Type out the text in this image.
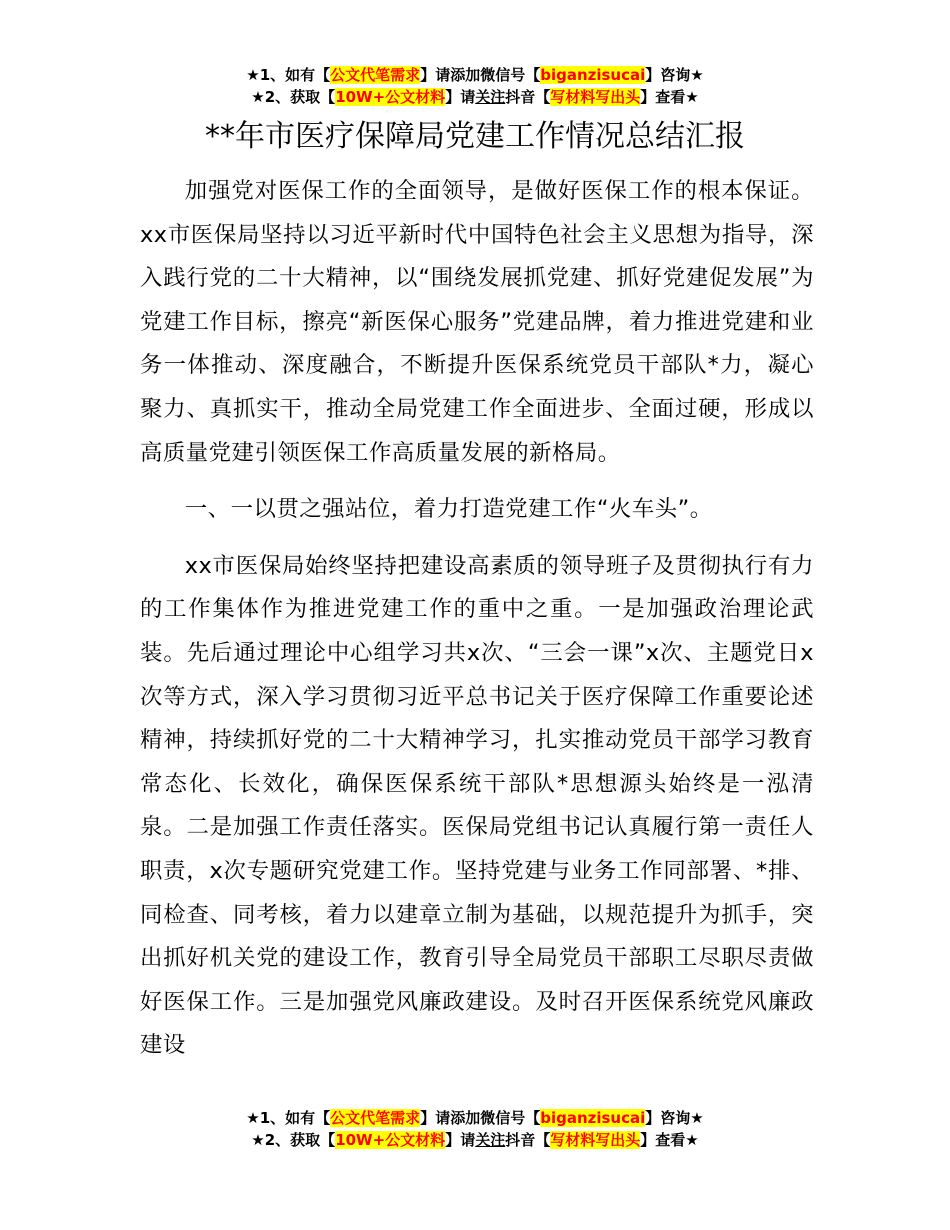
★1、如有【公文代笔需求】请添加微信号【biganzisucai】咨询★
★2、获取【10W+公文材料】请关注抖音【写材料写出头】查看★
**年市医疗保障局党建工作情况总结汇报

加强党对医保工作的全面领导，是做好医保工作的根本保证。xx市医保局坚持以习近平新时代中国特色社会主义思想为指导，深入践行党的二十大精神，以“围绕发展抓党建、抓好党建促发展”为党建工作目标，擦亮“新医保心服务”党建品牌，着力推进党建和业务一体推动、深度融合，不断提升医保系统党员干部队*力，凝心聚力、真抓实干，推动全局党建工作全面进步、全面过硬，形成以高质量党建引领医保工作高质量发展的新格局。

一、一以贯之强站位，着力打造党建工作“火车头”。

xx市医保局始终坚持把建设高素质的领导班子及贯彻执行有力的工作集体作为推进党建工作的重中之重。一是加强政治理论武装。先后通过理论中心组学习共x次、“三会一课”x次、主题党日x次等方式，深入学习贯彻习近平总书记关于医疗保障工作重要论述精神，持续抓好党的二十大精神学习，扎实推动党员干部学习教育常态化、长效化，确保医保系统干部队*思想源头始终是一泓清泉。二是加强工作责任落实。医保局党组书记认真履行第一责任人职责，x次专题研究党建工作。坚持党建与业务工作同部署、*排、同检查、同考核，着力以建章立制为基础，以规范提升为抓手，突出抓好机关党的建设工作，教育引导全局党员干部职工尽职尽责做好医保工作。三是加强党风廉政建设。及时召开医保系统党风廉政建设

★1、如有【公文代笔需求】请添加微信号【biganzisucai】咨询★
★2、获取【10W+公文材料】请关注抖音【写材料写出头】查看★
